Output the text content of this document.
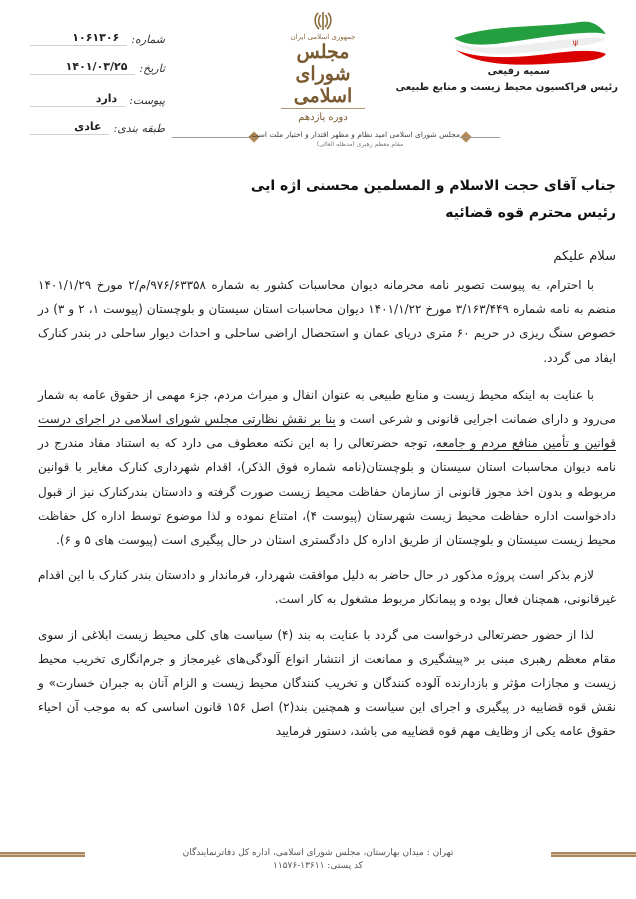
شماره:
۱۰۶۱۳۰۶
تاریخ:
۱۴۰۱/۰۳/۲۵
پیوست:
دارد
طبقه بندی:
عادی
جمهوری اسلامی ایران
مجلس شورای اسلامی
دوره یازدهم
مجلس شورای اسلامی امید نظام و مظهر اقتدار و اختیار ملت است.
مقام معظم رهبری (مدظله العالی)
ψ
سمیه رفیعی
رئیس فراکسیون محیط زیست و منابع طبیعی
جناب آقای حجت الاسلام و المسلمین محسنی اژه ایی
رئیس محترم قوه قضائیه
سلام علیکم

با احترام، به پیوست تصویر نامه محرمانه دیوان محاسبات کشور به شماره ۹۷۶/۶۳۳۵۸/م/۲ مورخ ۱۴۰۱/۱/۲۹ منضم به نامه شماره ۳/۱۶۳/۴۴۹ مورخ ۱۴۰۱/۱/۲۲ دیوان محاسبات استان سیستان و بلوچستان (پیوست ۱، ۲ و ۳) در خصوص سنگ ریزی در حریم ۶۰ متری دریای عمان و استحصال اراضی ساحلی و احداث دیوار ساحلی در بندر کنارک ایفاد می گردد.

با عنایت به اینکه محیط زیست و منابع طبیعی به عنوان انفال و میراث مردم، جزء مهمی از حقوق عامه به شمار می‌رود و دارای ضمانت اجرایی قانونی و شرعی است و بنا بر نقش نظارتی مجلس شورای اسلامی در اجرای درست قوانین و تأمین منافع مردم و جامعه، توجه حضرتعالی را به این نکته معطوف می دارد که به استناد مفاد مندرج در نامه دیوان محاسبات استان سیستان و بلوچستان(نامه شماره فوق الذکر)، اقدام شهرداری کنارک مغایر با قوانین مربوطه و بدون اخذ مجوز قانونی از سازمان حفاظت محیط زیست صورت گرفته و دادستان بندرکنارک نیز از قبول دادخواست اداره حفاظت محیط زیست شهرستان (پیوست ۴)، امتناع نموده و لذا موضوع توسط اداره کل حفاظت محیط زیست سیستان و بلوچستان از طریق اداره کل دادگستری استان در حال پیگیری است (پیوست های ۵ و ۶).

لازم بذکر است پروژه مذکور در حال حاضر به دلیل موافقت شهردار، فرماندار و دادستان بندر کنارک با این اقدام غیرقانونی، همچنان فعال بوده و پیمانکار مربوط مشغول به کار است.

لذا از حضور حضرتعالی درخواست می گردد با عنایت به بند (۴) سیاست های کلی محیط زیست ابلاغی از سوی مقام معظم رهبری مبنی بر «پیشگیری و ممانعت از انتشار انواع آلودگی‌های غیرمجاز و جرم‌انگاری تخریب محیط زیست و مجازات مؤثر و بازدارنده آلوده کنندگان و تخریب کنندگان محیط زیست و الزام آنان به جبران خسارت» و نقش قوه قضاییه در پیگیری و اجرای این سیاست و همچنین بند(۲) اصل ۱۵۶ قانون اساسی که به موجب آن احیاء حقوق عامه یکی از وظایف مهم قوه قضاییه می باشد، دستور فرمایید

تهران : میدان بهارستان، مجلس شورای اسلامی، اداره کل دفاترنمایندگان
کد پستی: ۱۳۶۱۱-۱۱۵۷۶
